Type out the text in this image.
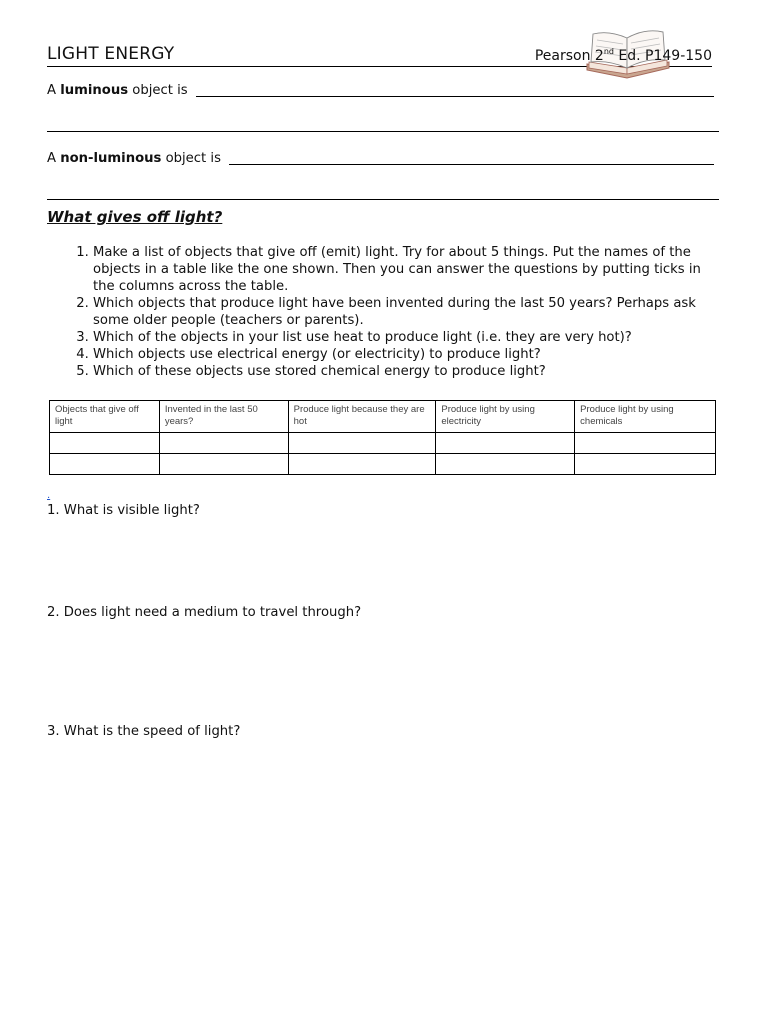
LIGHT ENERGY	Pearson 2nd Ed. P149-150
A luminous object is
A non-luminous object is
What gives off light?
1. Make a list of objects that give off (emit) light. Try for about 5 things. Put the names of the objects in a table like the one shown. Then you can answer the questions by putting ticks in the columns across the table.
2. Which objects that produce light have been invented during the last 50 years? Perhaps ask some older people (teachers or parents).
3. Which of the objects in your list use heat to produce light (i.e. they are very hot)?
4. Which objects use electrical energy (or electricity) to produce light?
5. Which of these objects use stored chemical energy to produce light?
Objects that give off light	Invented in the last 50 years?	Produce light because they are hot	Produce light by using electricity	Produce light by using chemicals

.
1. What is visible light?
2. Does light need a medium to travel through?
3. What is the speed of light?
